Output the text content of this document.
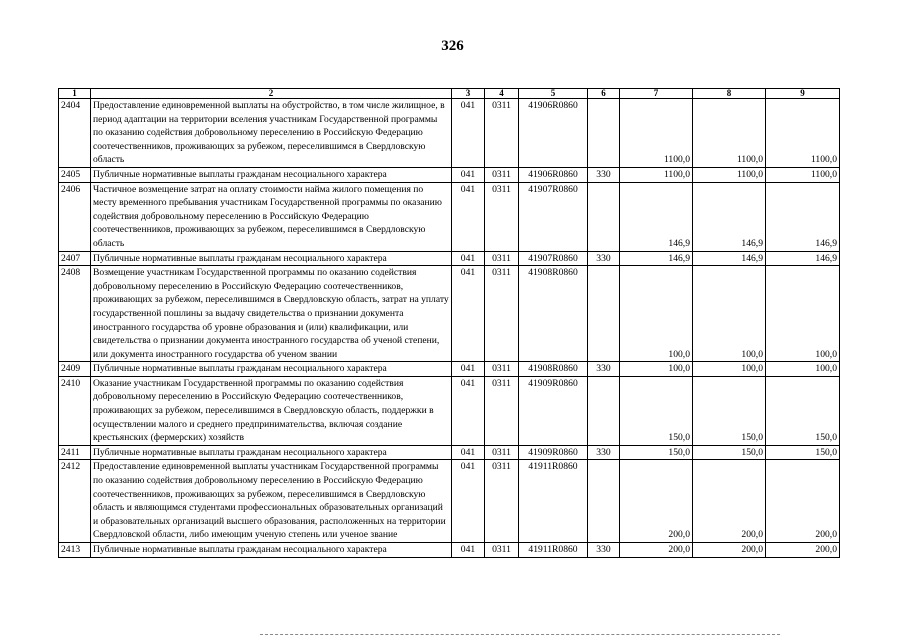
326
1	2	3	4	5	6	7	8	9
2404	Предоставление единовременной выплаты на обустройство, в том числе жилищное, в период адаптации на территории вселения участникам Государственной программы по оказанию содействия добровольному переселению в Российскую Федерацию соотечественников, проживающих за рубежом, переселившимся в Свердловскую область	041	0311	41906R0860		1100,0	1100,0	1100,0
2405	Публичные нормативные выплаты гражданам несоциального характера	041	0311	41906R0860	330	1100,0	1100,0	1100,0
2406	Частичное возмещение затрат на оплату стоимости найма жилого помещения по месту временного пребывания участникам Государственной программы по оказанию содействия добровольному переселению в Российскую Федерацию соотечественников, проживающих за рубежом, переселившимся в Свердловскую область	041	0311	41907R0860		146,9	146,9	146,9
2407	Публичные нормативные выплаты гражданам несоциального характера	041	0311	41907R0860	330	146,9	146,9	146,9
2408	Возмещение участникам Государственной программы по оказанию содействия добровольному переселению в Российскую Федерацию соотечественников, проживающих за рубежом, переселившимся в Свердловскую область, затрат на уплату государственной пошлины за выдачу свидетельства о признании документа иностранного государства об уровне образования и (или) квалификации, или свидетельства о признании документа иностранного государства об ученой степени, или документа иностранного государства об ученом звании	041	0311	41908R0860		100,0	100,0	100,0
2409	Публичные нормативные выплаты гражданам несоциального характера	041	0311	41908R0860	330	100,0	100,0	100,0
2410	Оказание участникам Государственной программы по оказанию содействия добровольному переселению в Российскую Федерацию соотечественников, проживающих за рубежом, переселившимся в Свердловскую область, поддержки в осуществлении малого и среднего предпринимательства, включая создание крестьянских (фермерских) хозяйств	041	0311	41909R0860		150,0	150,0	150,0
2411	Публичные нормативные выплаты гражданам несоциального характера	041	0311	41909R0860	330	150,0	150,0	150,0
2412	Предоставление единовременной выплаты участникам Государственной программы по оказанию содействия добровольному переселению в Российскую Федерацию соотечественников, проживающих за рубежом, переселившимся в Свердловскую область и являющимся студентами профессиональных образовательных организаций и образовательных организаций высшего образования, расположенных на территории Свердловской области, либо имеющим ученую степень или ученое звание	041	0311	41911R0860		200,0	200,0	200,0
2413	Публичные нормативные выплаты гражданам несоциального характера	041	0311	41911R0860	330	200,0	200,0	200,0
